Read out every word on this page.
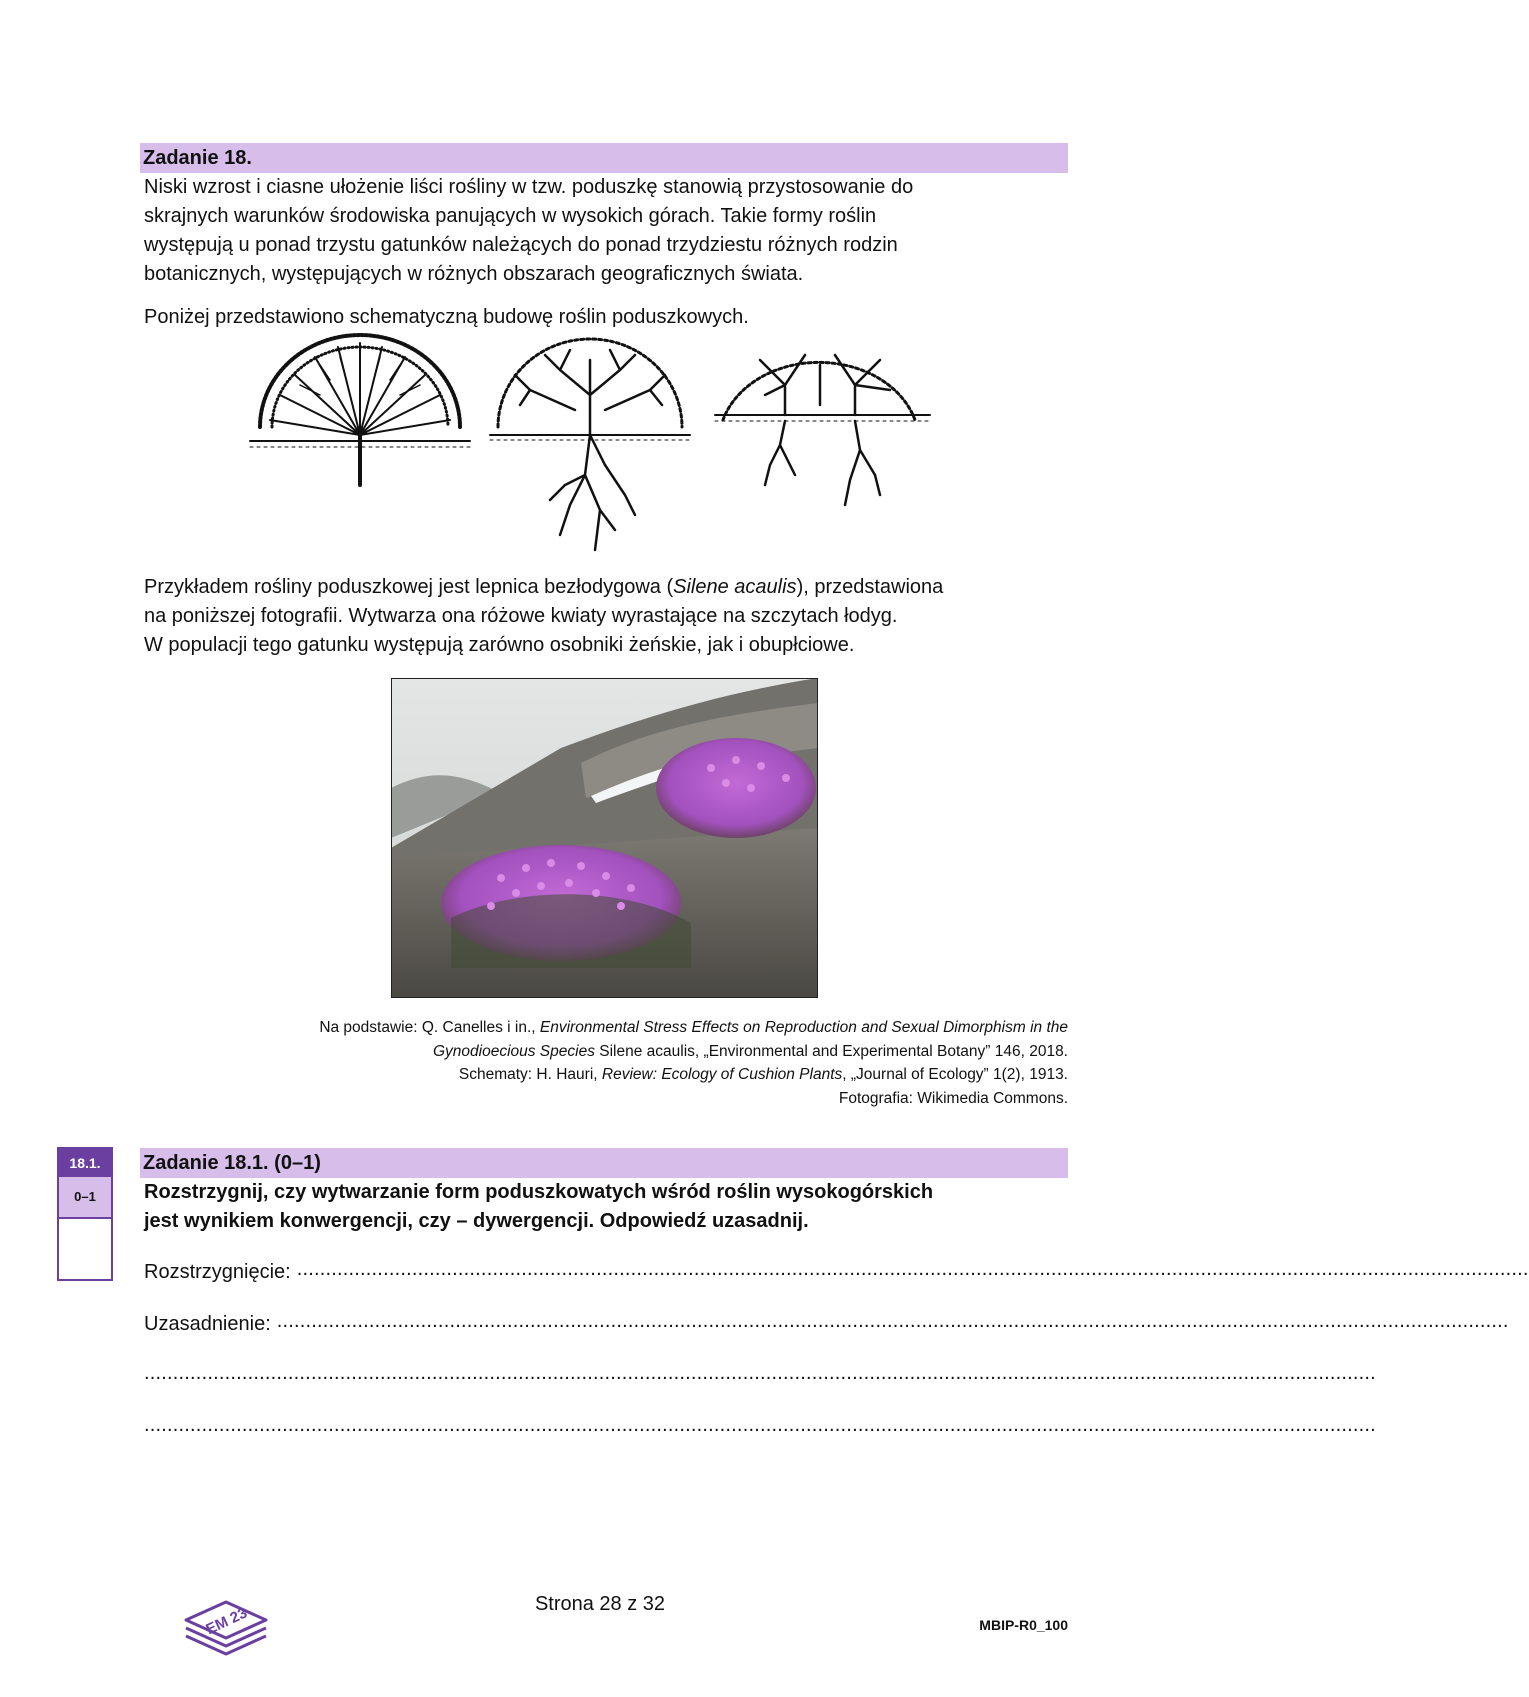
Zadanie 18.

Niski wzrost i ciasne ułożenie liści rośliny w tzw. poduszkę stanowią przystosowanie do

skrajnych warunków środowiska panujących w wysokich górach. Takie formy roślin

występują u ponad trzystu gatunków należących do ponad trzydziestu różnych rodzin

botanicznych, występujących w różnych obszarach geograficznych świata.

Poniżej przedstawiono schematyczną budowę roślin poduszkowych.

Przykładem rośliny poduszkowej jest lepnica bezłodygowa (Silene acaulis), przedstawiona

na poniższej fotografii. Wytwarza ona różowe kwiaty wyrastające na szczytach łodyg.

W populacji tego gatunku występują zarówno osobniki żeńskie, jak i obupłciowe.

Na podstawie: Q. Canelles i in., Environmental Stress Effects on Reproduction and Sexual Dimorphism in the
Gynodioecious Species Silene acaulis, „Environmental and Experimental Botany” 146, 2018.
Schematy: H. Hauri, Review: Ecology of Cushion Plants, „Journal of Ecology” 1(2), 1913.
Fotografia: Wikimedia Commons.
18.1.
0–1
Zadanie 18.1. (0–1)

Rozstrzygnij, czy wytwarzanie form poduszkowatych wśród roślin wysokogórskich

jest wynikiem konwergencji, czy – dywergencji. Odpowiedź uzasadnij.

Rozstrzygnięcie: ......................................................................................................................................................................................................................
Uzasadnienie: ......................................................................................................................................................................................................................
......................................................................................................................................................................................................................
......................................................................................................................................................................................................................
EM 23
Strona 28 z 32
MBIP-R0_100
